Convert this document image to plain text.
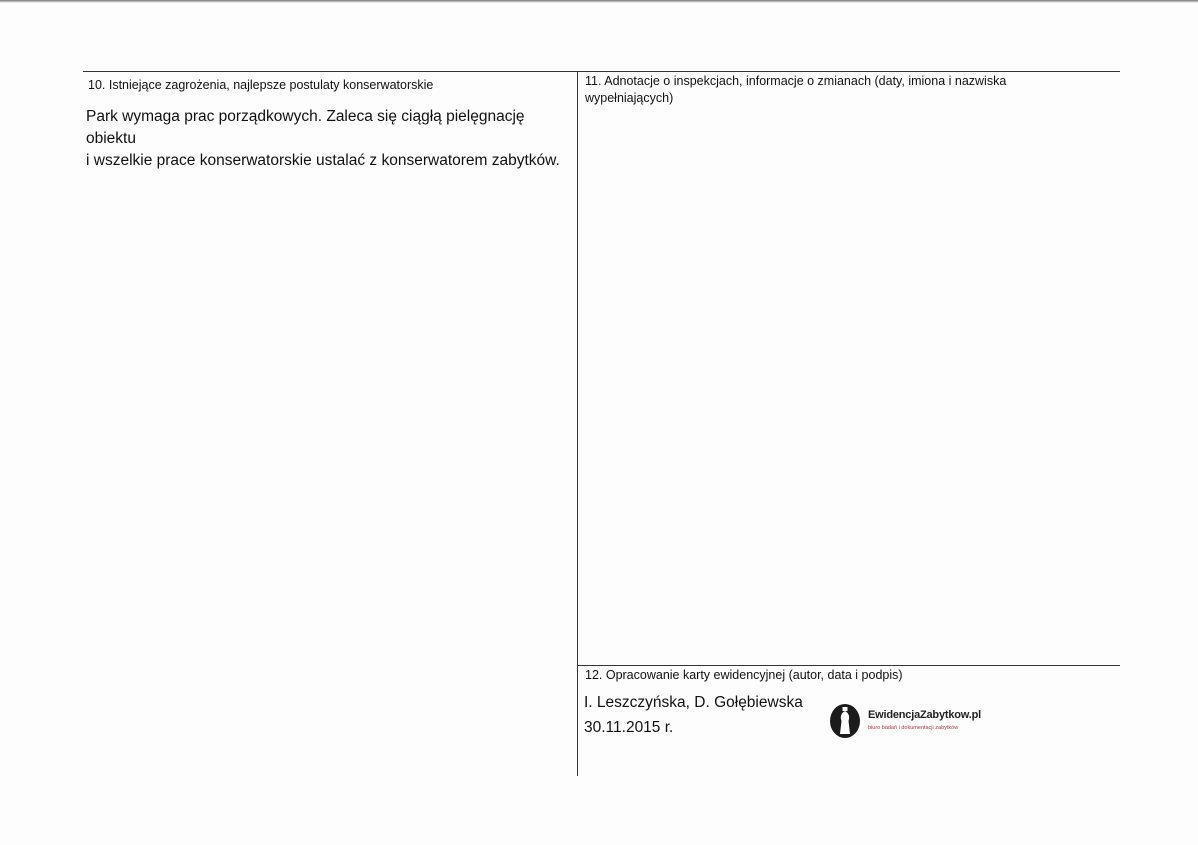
10. Istniejące zagrożenia, najlepsze postulaty konserwatorskie
Park wymaga prac porządkowych. Zaleca się ciągłą pielęgnację obiektu
i wszelkie prace konserwatorskie ustalać z konserwatorem zabytków.
11. Adnotacje o inspekcjach, informacje o zmianach (daty, imiona i nazwiska
wypełniających)
12. Opracowanie karty ewidencyjnej (autor, data i podpis)
I. Leszczyńska, D. Gołębiewska
30.11.2015 r.
EwidencjaZabytkow.pl
biuro badań i dokumentacji zabytków
